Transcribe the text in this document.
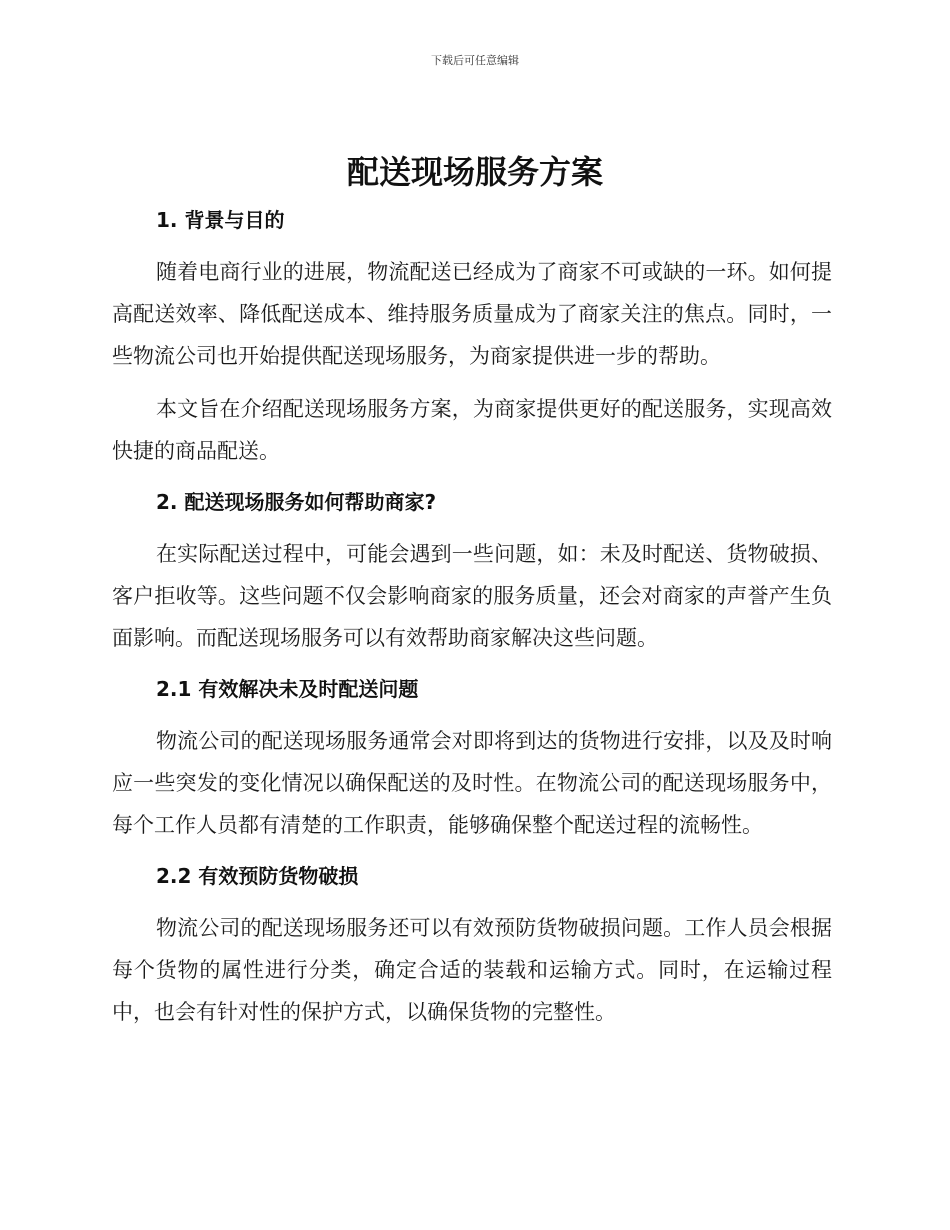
下载后可任意编辑
配送现场服务方案
1. 背景与目的

随着电商行业的进展，物流配送已经成为了商家不可或缺的一环。如何提高配送效率、降低配送成本、维持服务质量成为了商家关注的焦点。同时，一些物流公司也开始提供配送现场服务，为商家提供进一步的帮助。

本文旨在介绍配送现场服务方案，为商家提供更好的配送服务，实现高效快捷的商品配送。

2. 配送现场服务如何帮助商家?

在实际配送过程中，可能会遇到一些问题，如：未及时配送、货物破损、客户拒收等。这些问题不仅会影响商家的服务质量，还会对商家的声誉产生负面影响。而配送现场服务可以有效帮助商家解决这些问题。

2.1 有效解决未及时配送问题

物流公司的配送现场服务通常会对即将到达的货物进行安排，以及及时响应一些突发的变化情况以确保配送的及时性。在物流公司的配送现场服务中，每个工作人员都有清楚的工作职责，能够确保整个配送过程的流畅性。

2.2 有效预防货物破损

物流公司的配送现场服务还可以有效预防货物破损问题。工作人员会根据每个货物的属性进行分类，确定合适的装载和运输方式。同时，在运输过程中，也会有针对性的保护方式，以确保货物的完整性。
